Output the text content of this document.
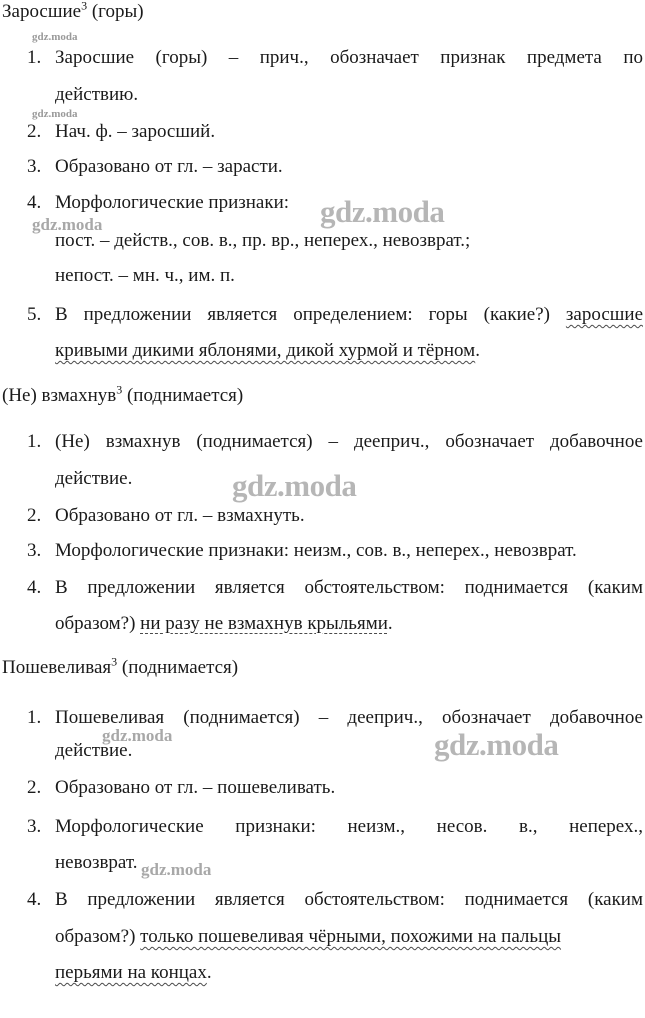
Заросшие$^3$ (горы)
1. Заросшие (горы) – прич., обозначает признак предмета по
действию.
2. Нач. ф. – заросший.
3. Образовано от гл. – зарасти.
4. Морфологические признаки:
пост. – действ., сов. в., пр. вр., неперех., невозврат.;
непост. – мн. ч., им. п.
5. В предложении является определением: горы (какие?) заросшие
кривыми дикими яблонями, дикой хурмой и тёрном.
(Не) взмахнув$^3$ (поднимается)
1. (Не) взмахнув (поднимается) – дееприч., обозначает добавочное
действие.
2. Образовано от гл. – взмахнуть.
3. Морфологические признаки: неизм., сов. в., неперех., невозврат.
4. В предложении является обстоятельством: поднимается (каким
образом?) ни разу не взмахнув крыльями.
Пошевеливая$^3$ (поднимается)
1. Пошевеливая (поднимается) – дееприч., обозначает добавочное
действие.
2. Образовано от гл. – пошевеливать.
3. Морфологические признаки: неизм., несов. в., неперех.,
невозврат.
4. В предложении является обстоятельством: поднимается (каким
образом?) только пошевеливая чёрными, похожими на пальцы
перьями на концах.
gdz.moda
gdz.moda
gdz.moda	gdz.moda
gdz.moda
gdz.moda	gdz.moda
gdz.moda
